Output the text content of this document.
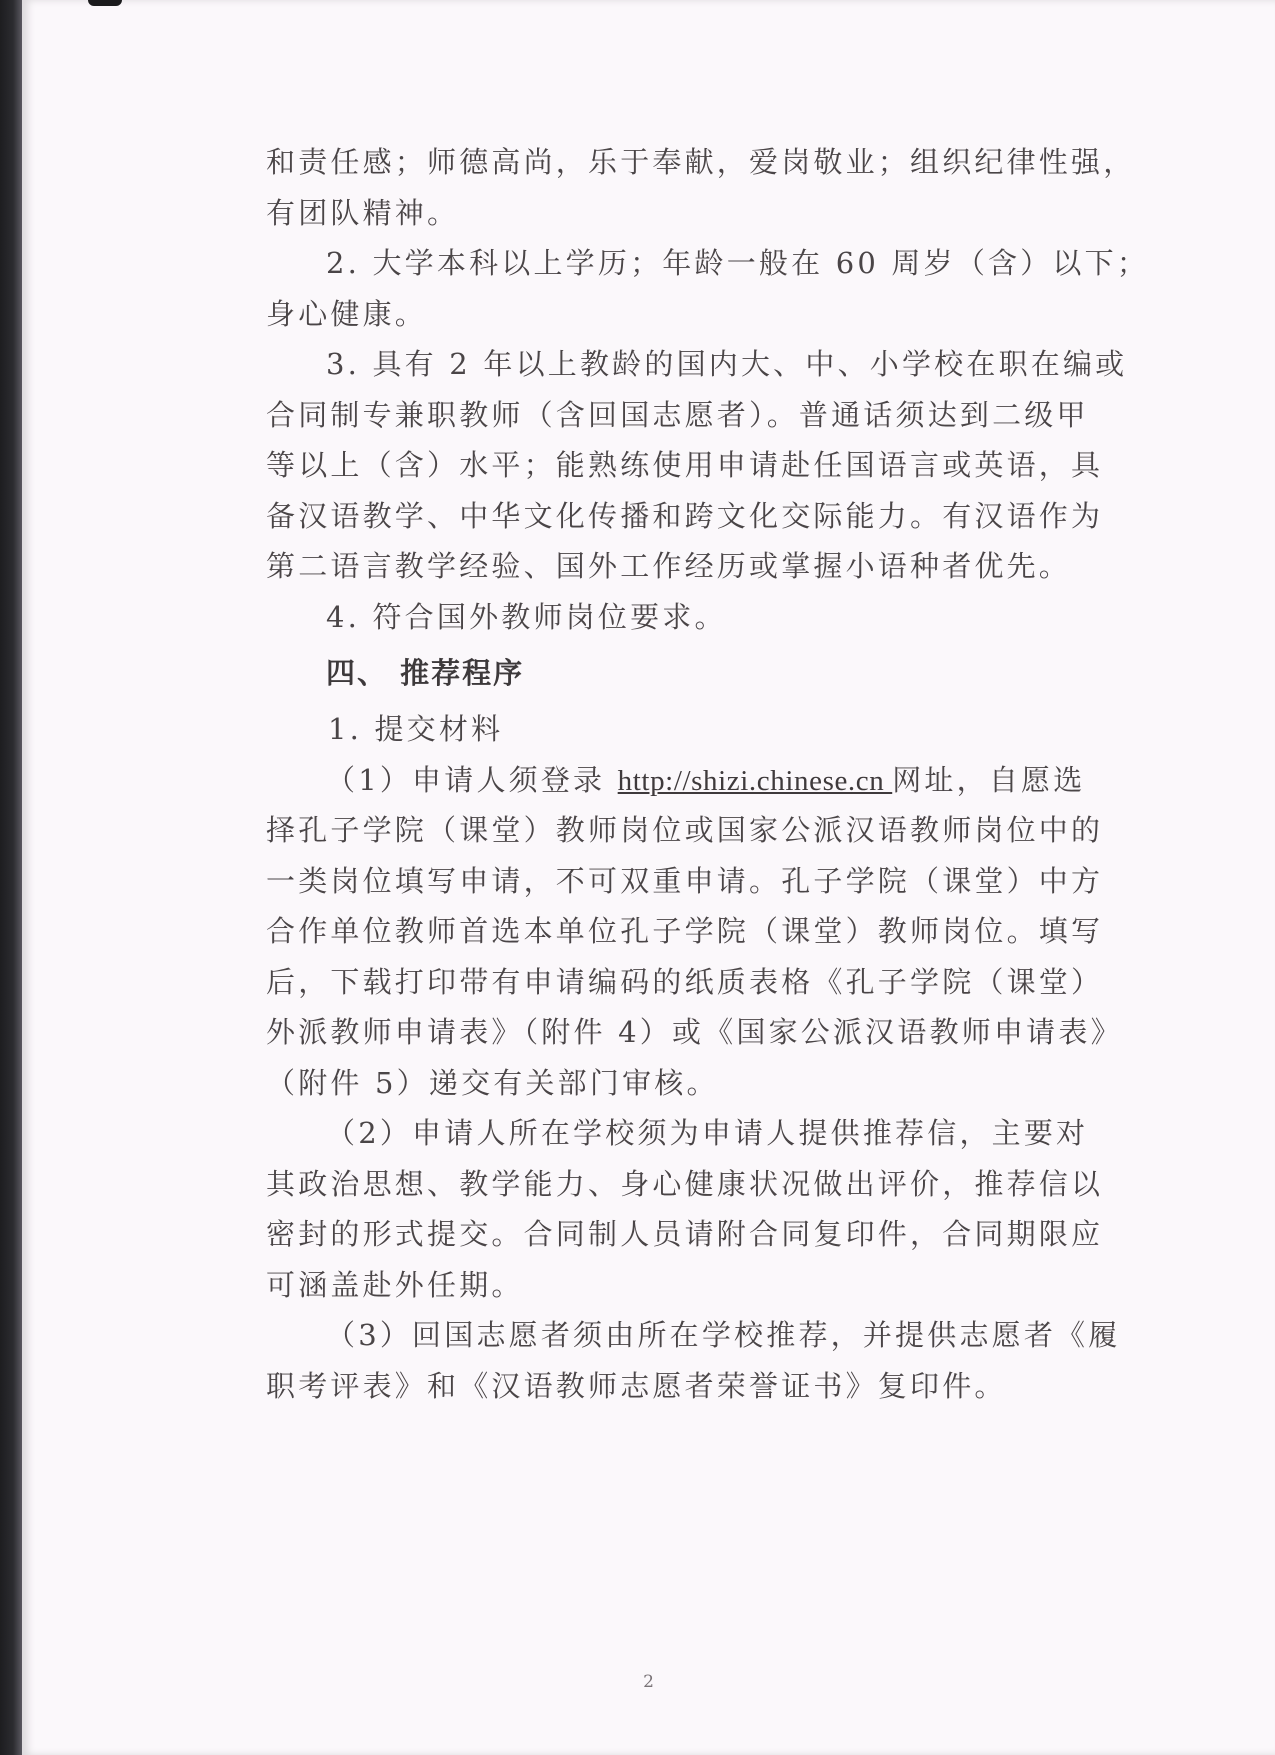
和责任感；师德高尚，乐于奉献，爱岗敬业；组织纪律性强，
有团队精神。
2. 大学本科以上学历；年龄一般在 60 周岁（含）以下；
身心健康。
3. 具有 2 年以上教龄的国内大、中、小学校在职在编或
合同制专兼职教师（含回国志愿者）。普通话须达到二级甲
等以上（含）水平；能熟练使用申请赴任国语言或英语，具
备汉语教学、中华文化传播和跨文化交际能力。有汉语作为
第二语言教学经验、国外工作经历或掌握小语种者优先。
4. 符合国外教师岗位要求。
四、 推荐程序
1. 提交材料
（1）申请人须登录 http://shizi.chinese.cn 网址，自愿选
择孔子学院（课堂）教师岗位或国家公派汉语教师岗位中的
一类岗位填写申请，不可双重申请。孔子学院（课堂）中方
合作单位教师首选本单位孔子学院（课堂）教师岗位。填写
后，下载打印带有申请编码的纸质表格《孔子学院（课堂）
外派教师申请表》（附件 4）或《国家公派汉语教师申请表》
（附件 5）递交有关部门审核。
（2）申请人所在学校须为申请人提供推荐信，主要对
其政治思想、教学能力、身心健康状况做出评价，推荐信以
密封的形式提交。合同制人员请附合同复印件，合同期限应
可涵盖赴外任期。
（3）回国志愿者须由所在学校推荐，并提供志愿者《履
职考评表》和《汉语教师志愿者荣誉证书》复印件。
2
